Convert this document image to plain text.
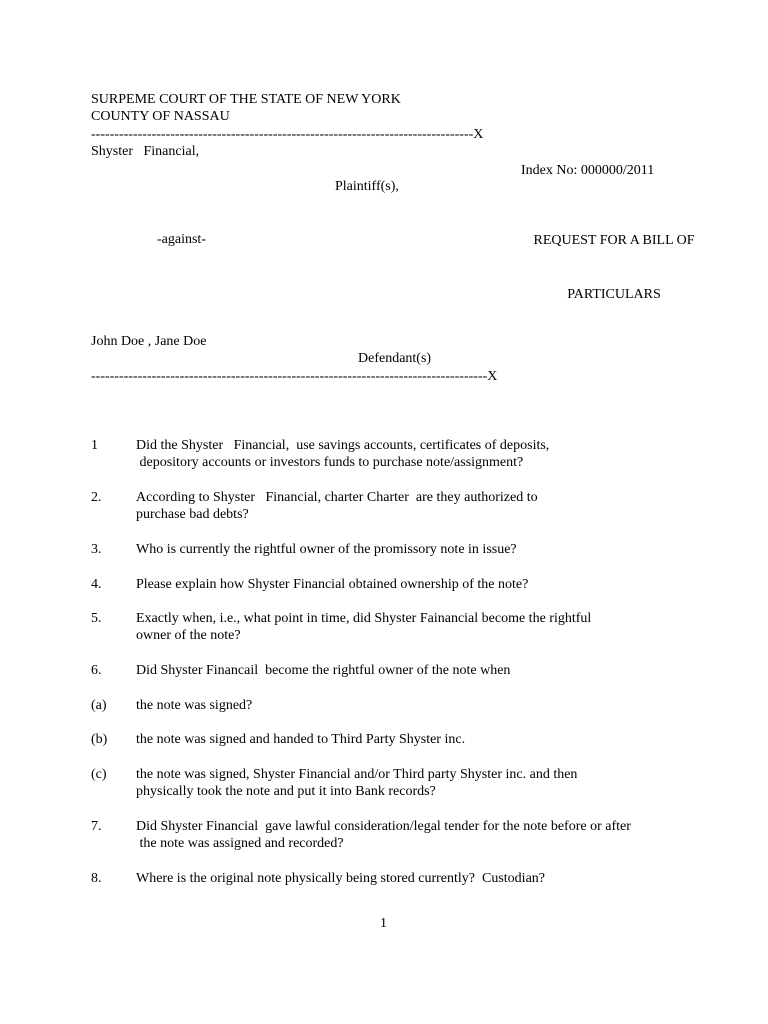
SURPEME COURT OF THE STATE OF NEW YORK
COUNTY OF NASSAU
----------------------------------------------------------------------------------X
Shyster   Financial,
Index No: 000000/2011
Plaintiff(s),

REQUEST FOR A BILL OF

PARTICULARS

-against-
John Doe , Jane Doe
Defendant(s)
-------------------------------------------------------------------------------------X
1	Did the Shyster   Financial,  use savings accounts, certificates of deposits,
depository accounts or investors funds to purchase note/assignment?
2. According to Shyster   Financial, charter Charter  are they authorized to
purchase bad debts?
3. Who is currently the rightful owner of the promissory note in issue?
4. Please explain how Shyster Financial obtained ownership of the note?
5. Exactly when, i.e., what point in time, did Shyster Fainancial become the rightful
owner of the note?
6. Did Shyster Financail  become the rightful owner of the note when
(a) the note was signed?
(b) the note was signed and handed to Third Party Shyster inc.
(c) the note was signed, Shyster Financial and/or Third party Shyster inc. and then
physically took the note and put it into Bank records?
7. Did Shyster Financial  gave lawful consideration/legal tender for the note before or after
the note was assigned and recorded?
8. Where is the original note physically being stored currently?  Custodian?
1
